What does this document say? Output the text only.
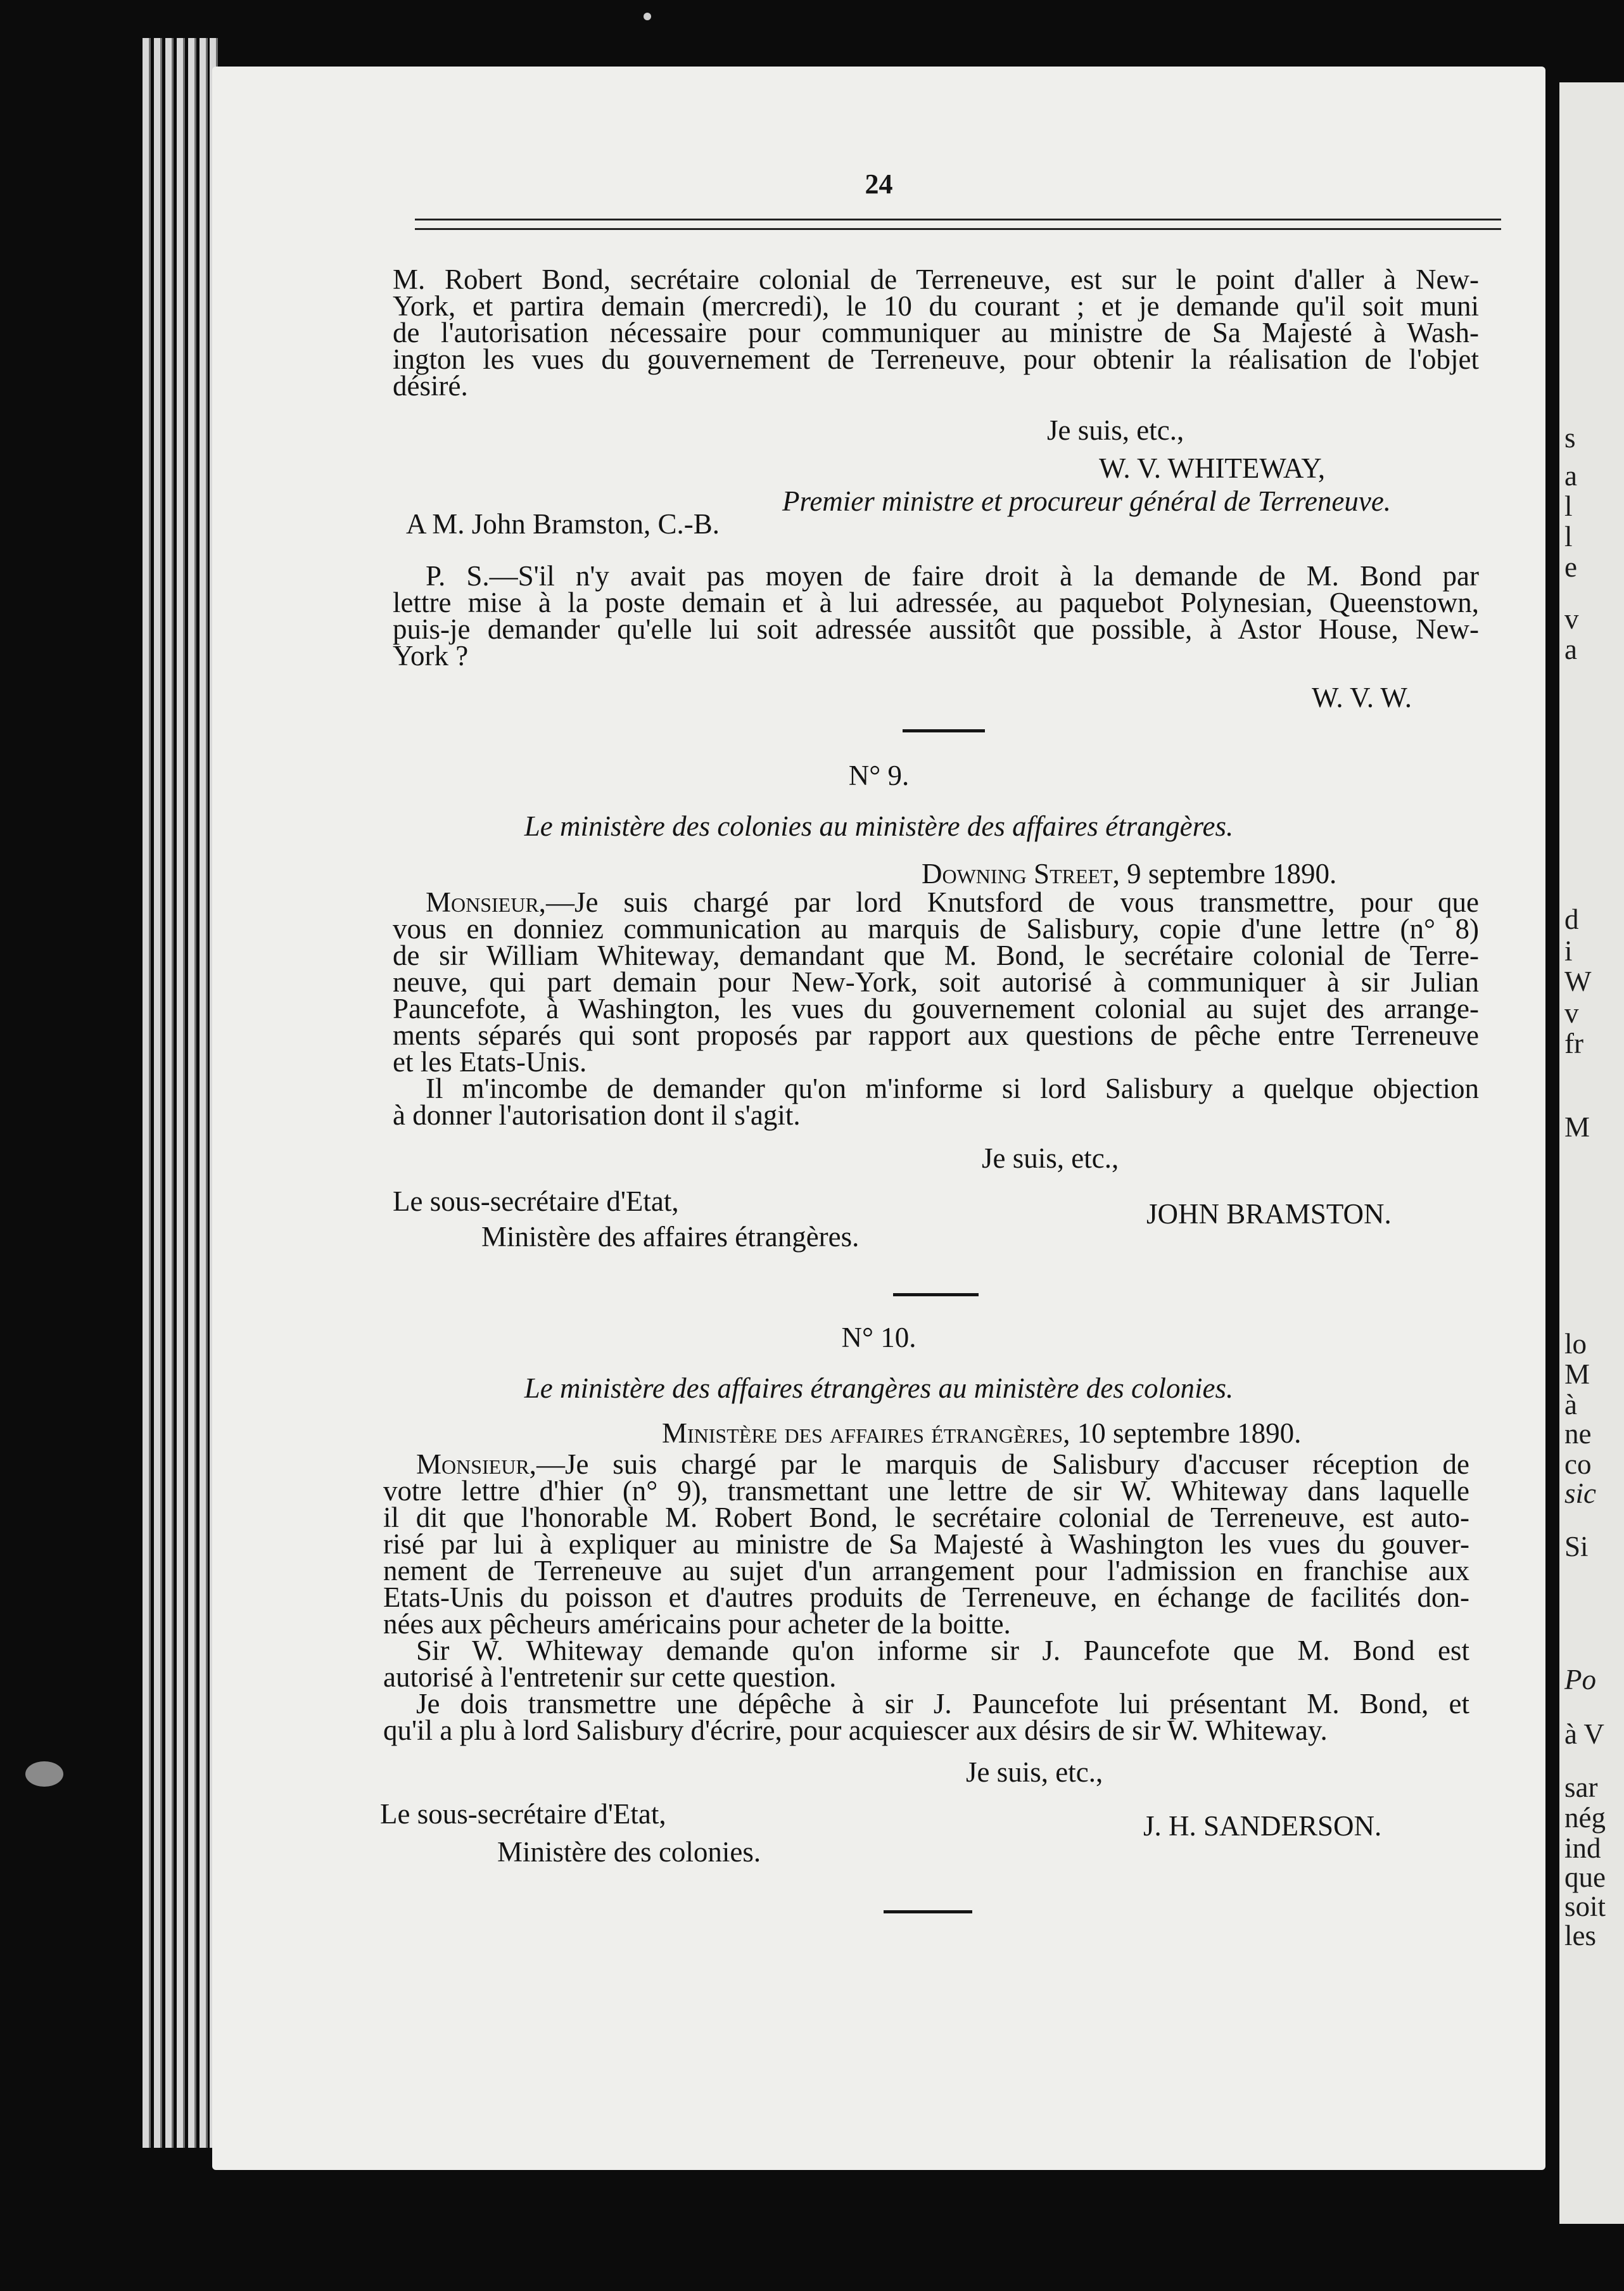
s
a
l
l
e
v
a
d
i
W
v
fr
M
lo
M
à
ne
co
sic
Si
Po
à V
sar
nég
ind
que
soit
les
24

M. Robert Bond, secrétaire colonial de Terreneuve, est sur le point d'aller à New-

York, et partira demain (mercredi), le 10 du courant ; et je demande qu'il soit muni

de l'autorisation nécessaire pour communiquer au ministre de Sa Majesté à Wash-

ington les vues du gouvernement de Terreneuve, pour obtenir la réalisation de l'objet

désiré.

Je suis, etc.,

W. V. WHITEWAY,

Premier ministre et procureur général de Terreneuve.

A M. John Bramston, C.-B.

P. S.—S'il n'y avait pas moyen de faire droit à la demande de M. Bond par

lettre mise à la poste demain et à lui adressée, au paquebot Polynesian, Queenstown,

puis-je demander qu'elle lui soit adressée aussitôt que possible, à Astor House, New-

York ?

W. V. W.

N° 9.

Le ministère des colonies au ministère des affaires étrangères.

Downing Street, 9 septembre 1890.

Monsieur,—Je suis chargé par lord Knutsford de vous transmettre, pour que

vous en donniez communication au marquis de Salisbury, copie d'une lettre (n° 8)

de sir William Whiteway, demandant que M. Bond, le secrétaire colonial de Terre-

neuve, qui part demain pour New-York, soit autorisé à communiquer à sir Julian

Pauncefote, à Washington, les vues du gouvernement colonial au sujet des arrange-

ments séparés qui sont proposés par rapport aux questions de pêche entre Terreneuve

et les Etats-Unis.

Il m'incombe de demander qu'on m'informe si lord Salisbury a quelque objection

à donner l'autorisation dont il s'agit.

Je suis, etc.,

Le sous-secrétaire d'Etat,

Ministère des affaires étrangères.

JOHN BRAMSTON.

N° 10.

Le ministère des affaires étrangères au ministère des colonies.

Ministère des affaires étrangères, 10 septembre 1890.

Monsieur,—Je suis chargé par le marquis de Salisbury d'accuser réception de

votre lettre d'hier (n° 9), transmettant une lettre de sir W. Whiteway dans laquelle

il dit que l'honorable M. Robert Bond, le secrétaire colonial de Terreneuve, est auto-

risé par lui à expliquer au ministre de Sa Majesté à Washington les vues du gouver-

nement de Terreneuve au sujet d'un arrangement pour l'admission en franchise aux

Etats-Unis du poisson et d'autres produits de Terreneuve, en échange de facilités don-

nées aux pêcheurs américains pour acheter de la boitte.

Sir W. Whiteway demande qu'on informe sir J. Pauncefote que M. Bond est

autorisé à l'entretenir sur cette question.

Je dois transmettre une dépêche à sir J. Pauncefote lui présentant M. Bond, et

qu'il a plu à lord Salisbury d'écrire, pour acquiescer aux désirs de sir W. Whiteway.

Je suis, etc.,

Le sous-secrétaire d'Etat,

Ministère des colonies.

J. H. SANDERSON.
